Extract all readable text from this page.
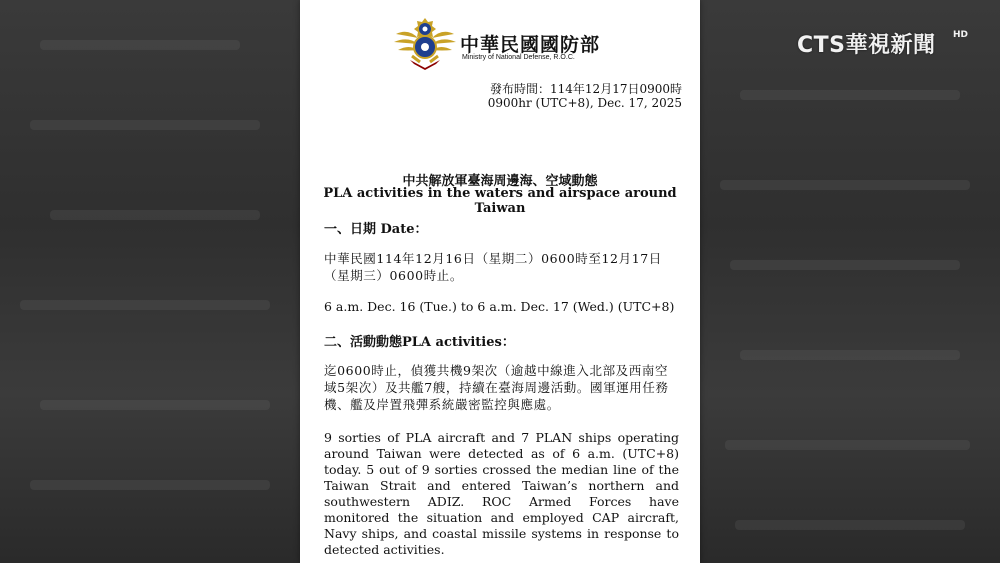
中華民國國防部
Ministry of National Defense, R.O.C.
發布時間：114年12月17日0900時
0900hr (UTC+8), Dec. 17, 2025
中共解放軍臺海周邊海、空域動態
PLA activities in the waters and airspace around Taiwan
一、日期 Date：
中華民國114年12月16日（星期二）0600時至12月17日（星期三）0600時止。
6 a.m. Dec. 16 (Tue.) to 6 a.m. Dec. 17 (Wed.) (UTC+8)
二、活動動態PLA activities：
迄0600時止，偵獲共機9架次（逾越中線進入北部及西南空域5架次）及共艦7艘，持續在臺海周邊活動。國軍運用任務機、艦及岸置飛彈系統嚴密監控與應處。
9 sorties of PLA aircraft and 7 PLAN ships operating around Taiwan were detected as of 6 a.m. (UTC+8) today. 5 out of 9 sorties crossed the median line of the Taiwan Strait and entered Taiwan’s northern and southwestern ADIZ. ROC Armed Forces have monitored the situation and employed CAP aircraft, Navy ships, and coastal missile systems in response to detected activities.
CTS華視新聞 HD
